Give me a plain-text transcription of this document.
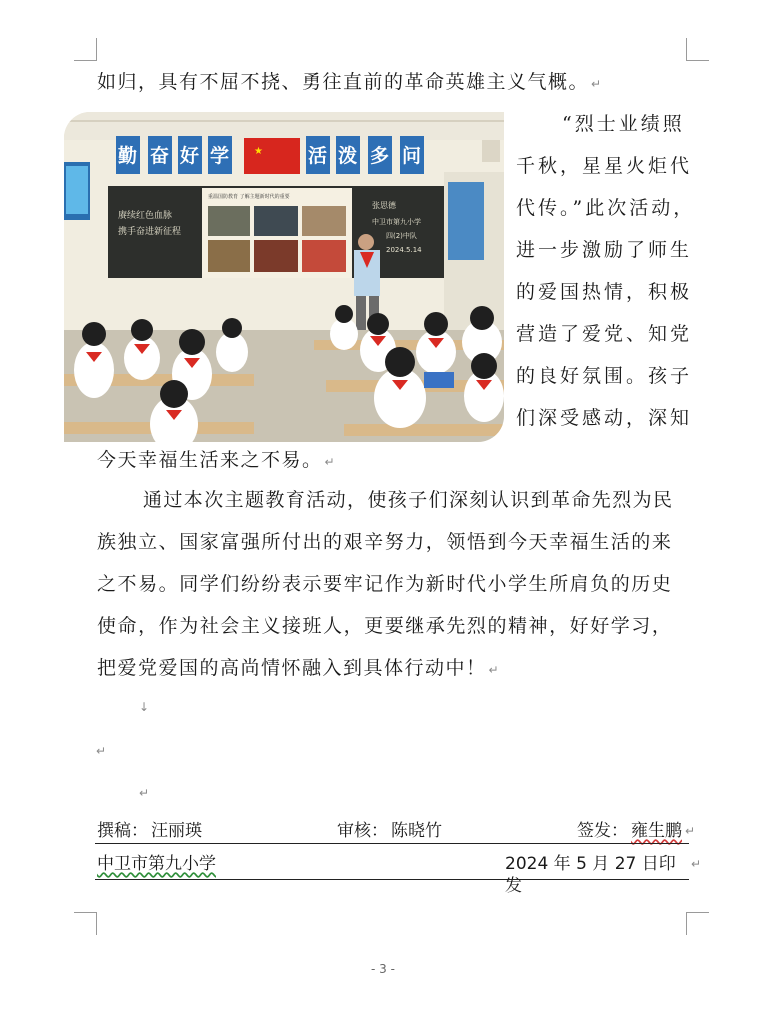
如归，具有不屈不挠、勇往直前的革命英雄主义气概。 ↵
★
勤 奋 好 学	活 泼 多 问
赓续红色血脉
携手奋进新征程
重温国防教育 了解主题新时代的重要
张思德
中卫市第九小学
四(2)中队
2024.5.14
“烈士业绩照
千秋，星星火炬代
代传。”此次活动，
进一步激励了师生
的爱国热情，积极
营造了爱党、知党
的良好氛围。孩子
们深受感动，深知
今天幸福生活来之不易。 ↵
通过本次主题教育活动，使孩子们深刻认识到革命先烈为民
族独立、国家富强所付出的艰辛努力，领悟到今天幸福生活的来
之不易。同学们纷纷表示要牢记作为新时代小学生所肩负的历史
使命，作为社会主义接班人，更要继承先烈的精神，好好学习，
把爱党爱国的高尚情怀融入到具体行动中！ ↵
↓
↵
↵
撰稿： 汪丽瑛	审核： 陈晓竹	签发： 雍生鹏 ↵
中卫市第九小学	2024 年 5 月 27 日印发
↵
- 3 -
